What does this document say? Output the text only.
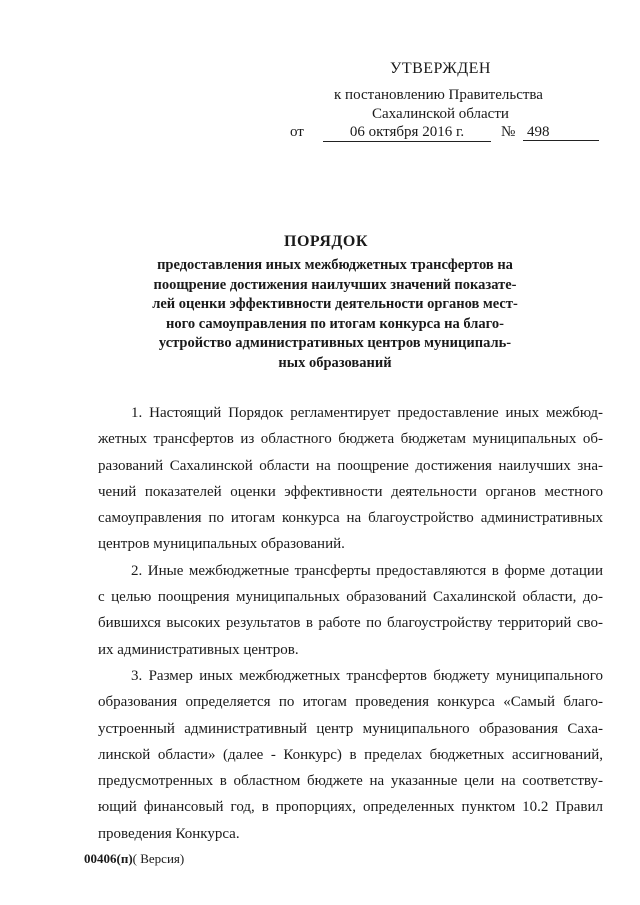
УТВЕРЖДЕН
к постановлению Правительства
Сахалинской области
от	06 октября 2016 г.	№ 498
ПОРЯДОК
предоставления иных межбюджетных трансфертов на
поощрение достижения наилучших значений показате-
лей оценки эффективности деятельности органов мест-
ного самоуправления по итогам конкурса на благо-
устройство административных центров муниципаль-
ных образований
1. Настоящий Порядок регламентирует предоставление иных межбюд-
жетных трансфертов из областного бюджета бюджетам муниципальных об-
разований Сахалинской области на поощрение достижения наилучших зна-
чений показателей оценки эффективности деятельности органов местного
самоуправления по итогам конкурса на благоустройство административных
центров муниципальных образований.
2. Иные межбюджетные трансферты предоставляются в форме дотации
с целью поощрения муниципальных образований Сахалинской области, до-
бившихся высоких результатов в работе по благоустройству территорий сво-
их административных центров.
3. Размер иных межбюджетных трансфертов бюджету муниципального
образования определяется по итогам проведения конкурса «Самый благо-
устроенный административный центр муниципального образования Саха-
линской области» (далее - Конкурс) в пределах бюджетных ассигнований,
предусмотренных в областном бюджете на указанные цели на соответству-
ющий финансовый год, в пропорциях, определенных пунктом 10.2 Правил
проведения Конкурса.
00406(п)( Версия)
